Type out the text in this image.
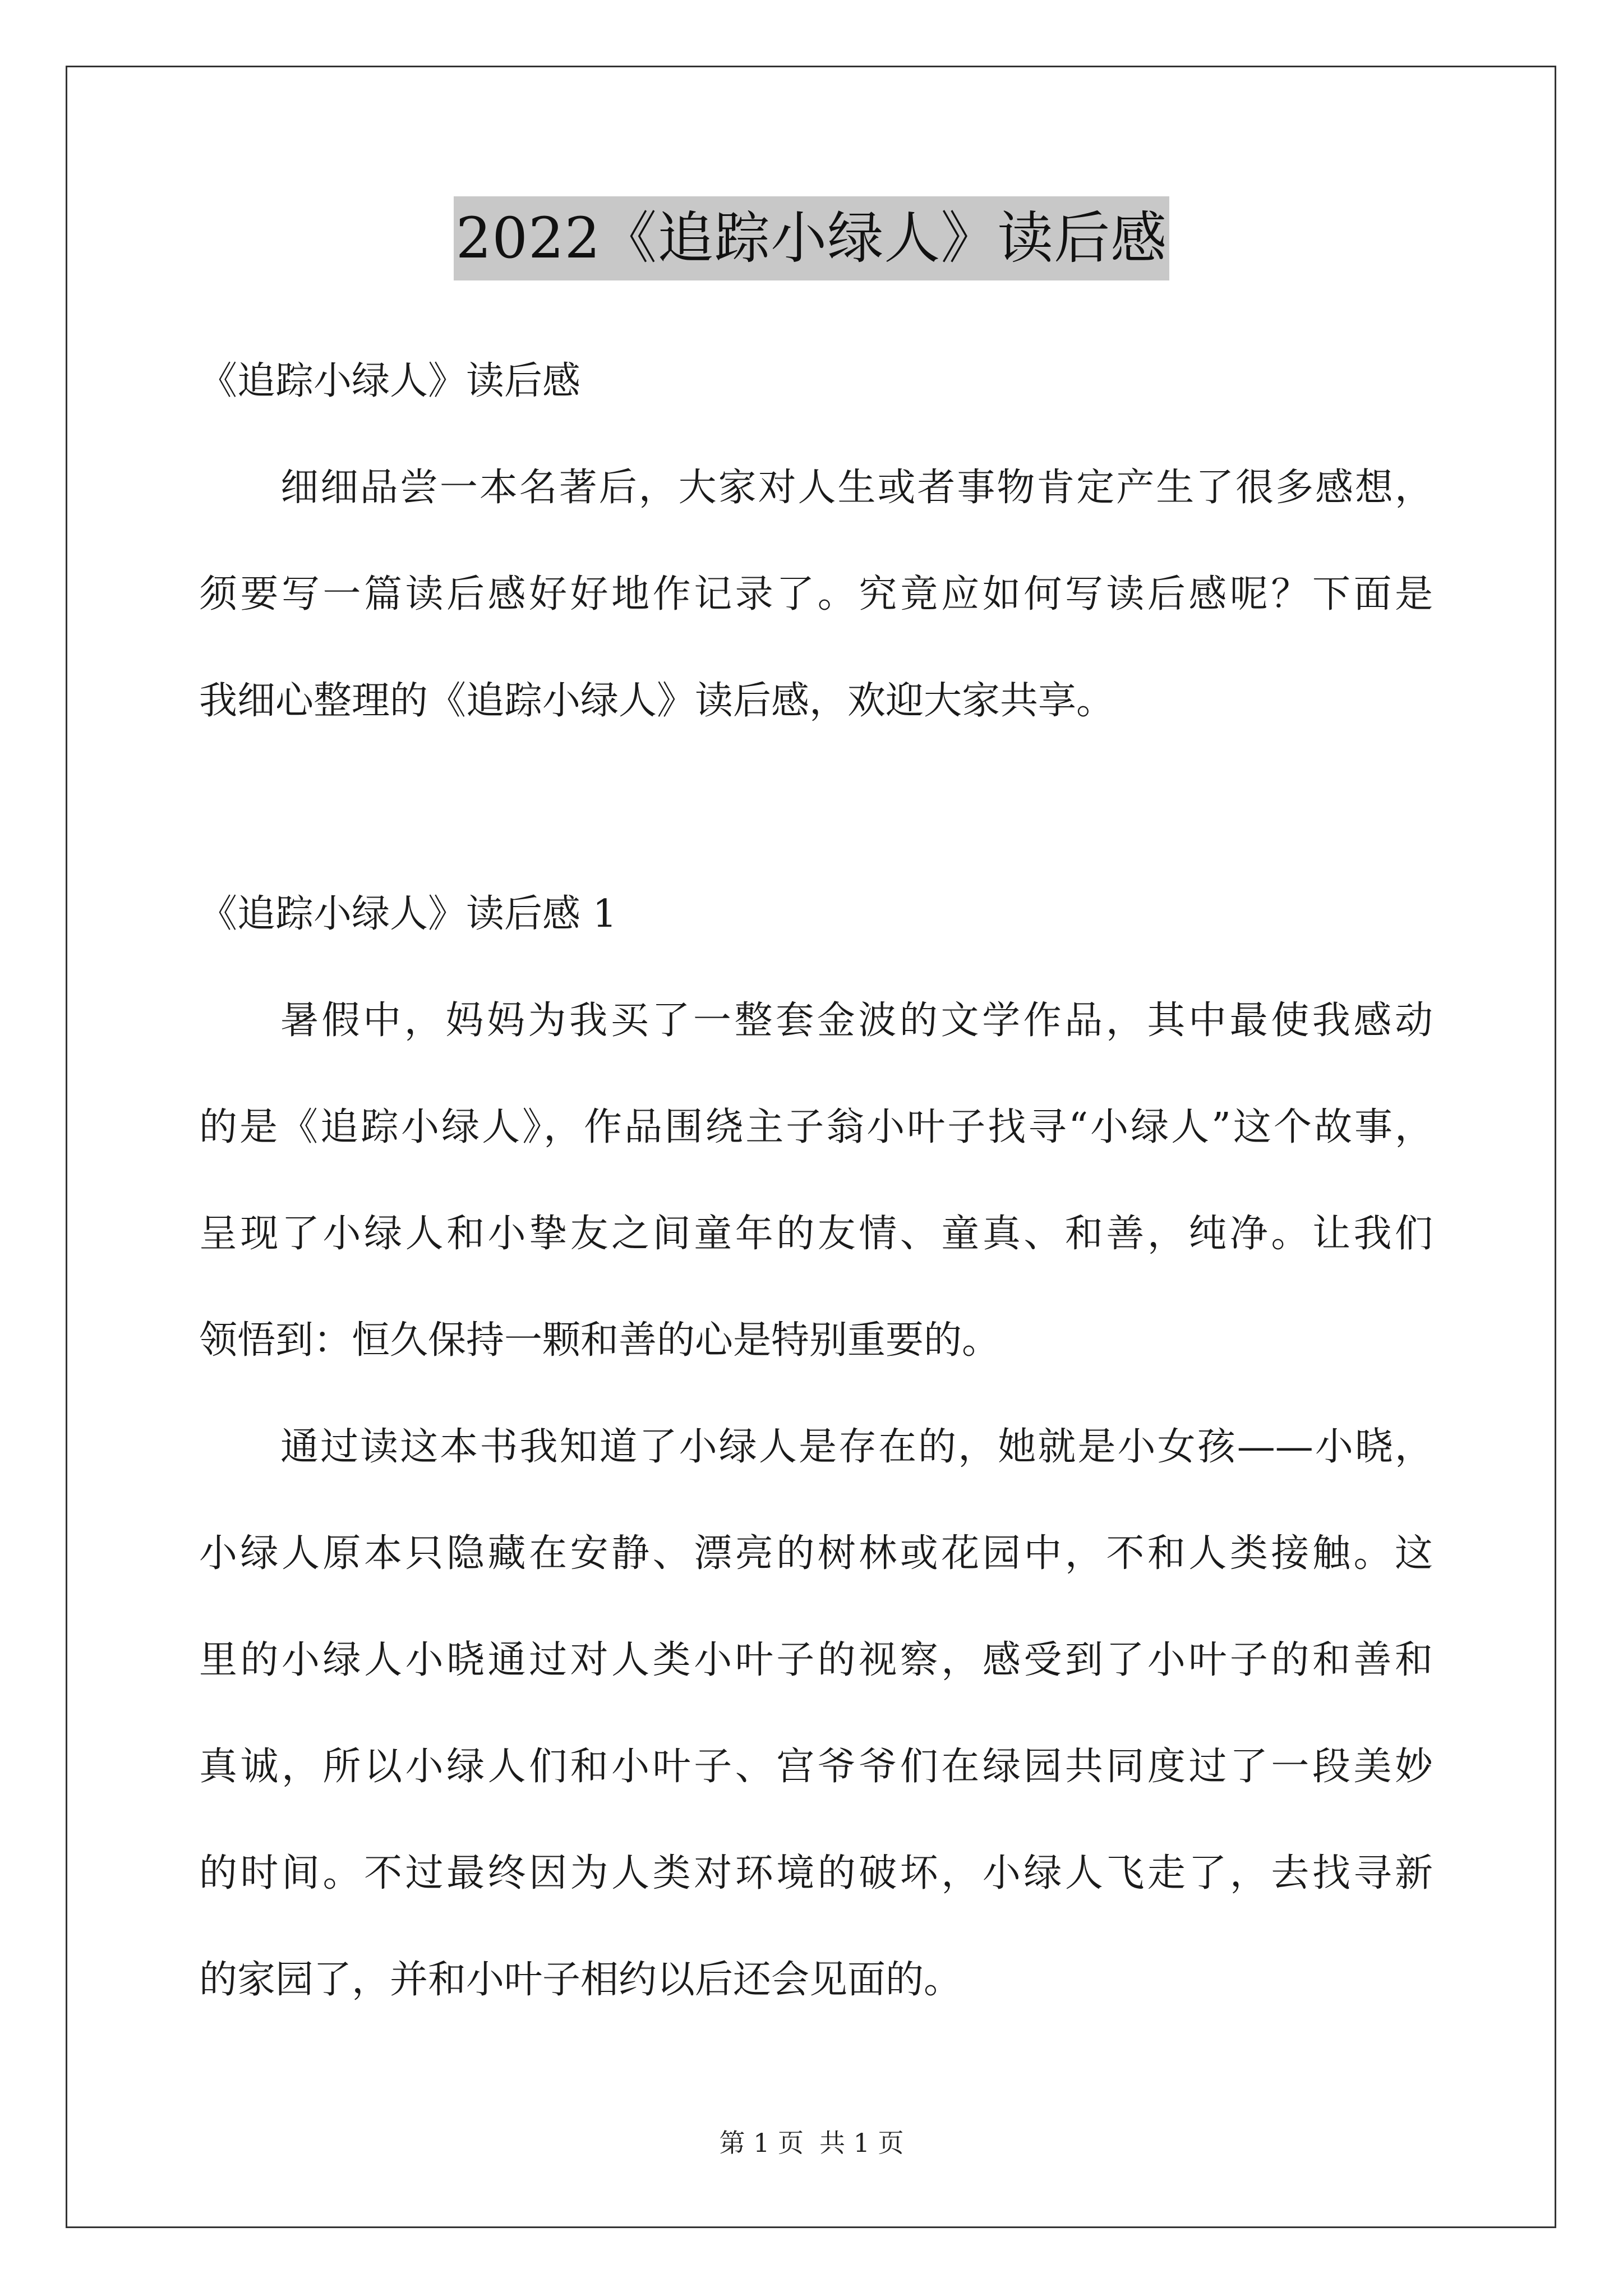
2022《追踪小绿人》读后感
《追踪小绿人》读后感
细细品尝一本名著后，大家对人生或者事物肯定产生了很多感想，
须要写一篇读后感好好地作记录了。究竟应如何写读后感呢？下面是
我细心整理的《追踪小绿人》读后感，欢迎大家共享。
《追踪小绿人》读后感 1
暑假中，妈妈为我买了一整套金波的文学作品，其中最使我感动
的是《追踪小绿人》，作品围绕主子翁小叶子找寻“小绿人”这个故事，
呈现了小绿人和小挚友之间童年的友情、童真、和善，纯净。让我们
领悟到：恒久保持一颗和善的心是特别重要的。
通过读这本书我知道了小绿人是存在的，她就是小女孩——小晓，
小绿人原本只隐藏在安静、漂亮的树林或花园中，不和人类接触。这
里的小绿人小晓通过对人类小叶子的视察，感受到了小叶子的和善和
真诚，所以小绿人们和小叶子、宫爷爷们在绿园共同度过了一段美妙
的时间。不过最终因为人类对环境的破坏，小绿人飞走了，去找寻新
的家园了，并和小叶子相约以后还会见面的。
第 1 页 共 1 页
